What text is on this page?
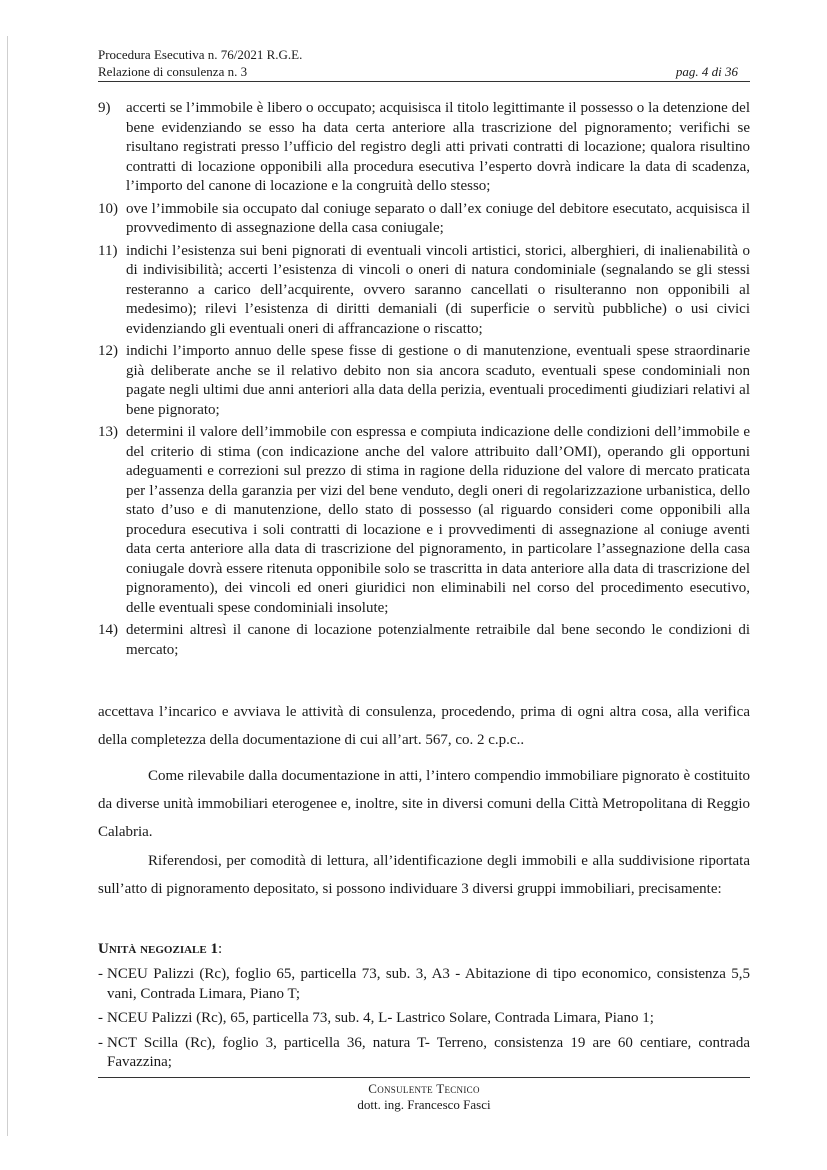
Procedura Esecutiva n. 76/2021 R.G.E.
Relazione di consulenza n. 3	pag. 4 di 36
9)	accerti se l’immobile è libero o occupato; acquisisca il titolo legittimante il possesso o la detenzione del bene evidenziando se esso ha data certa anteriore alla trascrizione del pignoramento; verifichi se risultano registrati presso l’ufficio del registro degli atti privati contratti di locazione; qualora risultino contratti di locazione opponibili alla procedura esecutiva l’esperto dovrà indicare la data di scadenza, l’importo del canone di locazione e la congruità dello stesso;
10) ove l’immobile sia occupato dal coniuge separato o dall’ex coniuge del debitore esecutato, acquisisca il provvedimento di assegnazione della casa coniugale;
11) indichi l’esistenza sui beni pignorati di eventuali vincoli artistici, storici, alberghieri, di inalienabilità o di indivisibilità; accerti l’esistenza di vincoli o oneri di natura condominiale (segnalando se gli stessi resteranno a carico dell’acquirente, ovvero saranno cancellati o risulteranno non opponibili al medesimo); rilevi l’esistenza di diritti demaniali (di superficie o servitù pubbliche) o usi civici evidenziando gli eventuali oneri di affrancazione o riscatto;
12) indichi l’importo annuo delle spese fisse di gestione o di manutenzione, eventuali spese straordinarie già deliberate anche se il relativo debito non sia ancora scaduto, eventuali spese condominiali non pagate negli ultimi due anni anteriori alla data della perizia, eventuali procedimenti giudiziari relativi al bene pignorato;
13) determini il valore dell’immobile con espressa e compiuta indicazione delle condizioni dell’immobile e del criterio di stima (con indicazione anche del valore attribuito dall’OMI), operando gli opportuni adeguamenti e correzioni sul prezzo di stima in ragione della riduzione del valore di mercato praticata per l’assenza della garanzia per vizi del bene venduto, degli oneri di regolarizzazione urbanistica, dello stato d’uso e di manutenzione, dello stato di possesso (al riguardo consideri come opponibili alla procedura esecutiva i soli contratti di locazione e i provvedimenti di assegnazione al coniuge aventi data certa anteriore alla data di trascrizione del pignoramento, in particolare l’assegnazione della casa coniugale dovrà essere ritenuta opponibile solo se trascritta in data anteriore alla data di trascrizione del pignoramento), dei vincoli ed oneri giuridici non eliminabili nel corso del procedimento esecutivo, delle eventuali spese condominiali insolute;
14) determini altresì il canone di locazione potenzialmente retraibile dal bene secondo le condizioni di mercato;

accettava l’incarico e avviava le attività di consulenza, procedendo, prima di ogni altra cosa, alla verifica della completezza della documentazione di cui all’art. 567, co. 2 c.p.c..

Come rilevabile dalla documentazione in atti, l’intero compendio immobiliare pignorato è costituito da diverse unità immobiliari eterogenee e, inoltre, site in diversi comuni della Città Metropolitana di Reggio Calabria.

Riferendosi, per comodità di lettura, all’identificazione degli immobili e alla suddivisione riportata sull’atto di pignoramento depositato, si possono individuare 3 diversi gruppi immobiliari, precisamente:

Unità negoziale 1:
- NCEU Palizzi (Rc), foglio 65, particella 73, sub. 3, A3 - Abitazione di tipo economico, consistenza 5,5 vani, Contrada Limara, Piano T;
- NCEU Palizzi (Rc), 65, particella 73, sub. 4, L- Lastrico Solare, Contrada Limara, Piano 1;
- NCT Scilla (Rc), foglio 3, particella 36, natura T- Terreno, consistenza 19 are 60 centiare, contrada Favazzina;
Consulente Tecnico
dott. ing. Francesco Fasci
